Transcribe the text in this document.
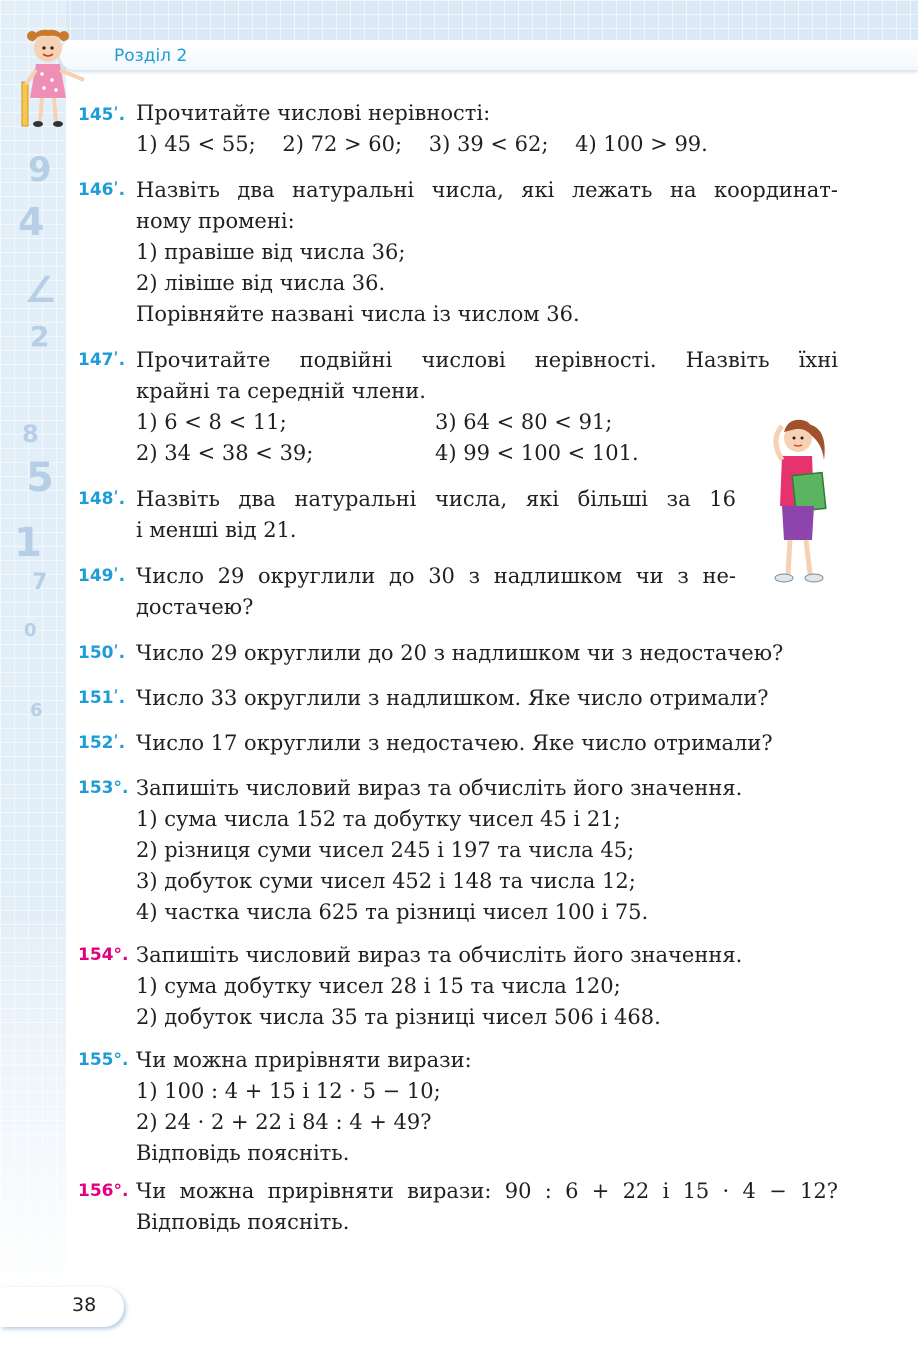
9
4
∠
2
8
5
1
7
0
6
Розділ 2
145ʹ. Прочитайте числові нерівності:
1) 45 < 55;    2) 72 > 60;    3) 39 < 62;    4) 100 > 99.
146ʹ. Назвіть два натуральні числа, які лежать на координат-
ному промені:
1) правіше від числа 36;
2) лівіше від числа 36.
Порівняйте названі числа із числом 36.
147ʹ. Прочитайте подвійні числові нерівності. Назвіть їхні
крайні та середній члени.
1) 6 < 8 < 11;	3) 64 < 80 < 91;
2) 34 < 38 < 39;	4) 99 < 100 < 101.
148ʹ. Назвіть два натуральні числа, які більші за 16
і менші від 21.
149ʹ. Число 29 округлили до 30 з надлишком чи з не-
достачею?
150ʹ. Число 29 округлили до 20 з надлишком чи з недостачею?
151ʹ. Число 33 округлили з надлишком. Яке число отримали?
152ʹ. Число 17 округлили з недостачею. Яке число отримали?
153°. Запишіть числовий вираз та обчисліть його значення.
1) сума числа 152 та добутку чисел 45 і 21;
2) різниця суми чисел 245 і 197 та числа 45;
3) добуток суми чисел 452 і 148 та числа 12;
4) частка числа 625 та різниці чисел 100 і 75.
154°. Запишіть числовий вираз та обчисліть його значення.
1) сума добутку чисел 28 і 15 та числа 120;
2) добуток числа 35 та різниці чисел 506 і 468.
155°. Чи можна прирівняти вирази:
1) 100 : 4 + 15 і 12 · 5 − 10;
2) 24 · 2 + 22 і 84 : 4 + 49?
Відповідь поясніть.
156°. Чи можна прирівняти вирази: 90 : 6 + 22 і 15 · 4 − 12?
Відповідь поясніть.
38
